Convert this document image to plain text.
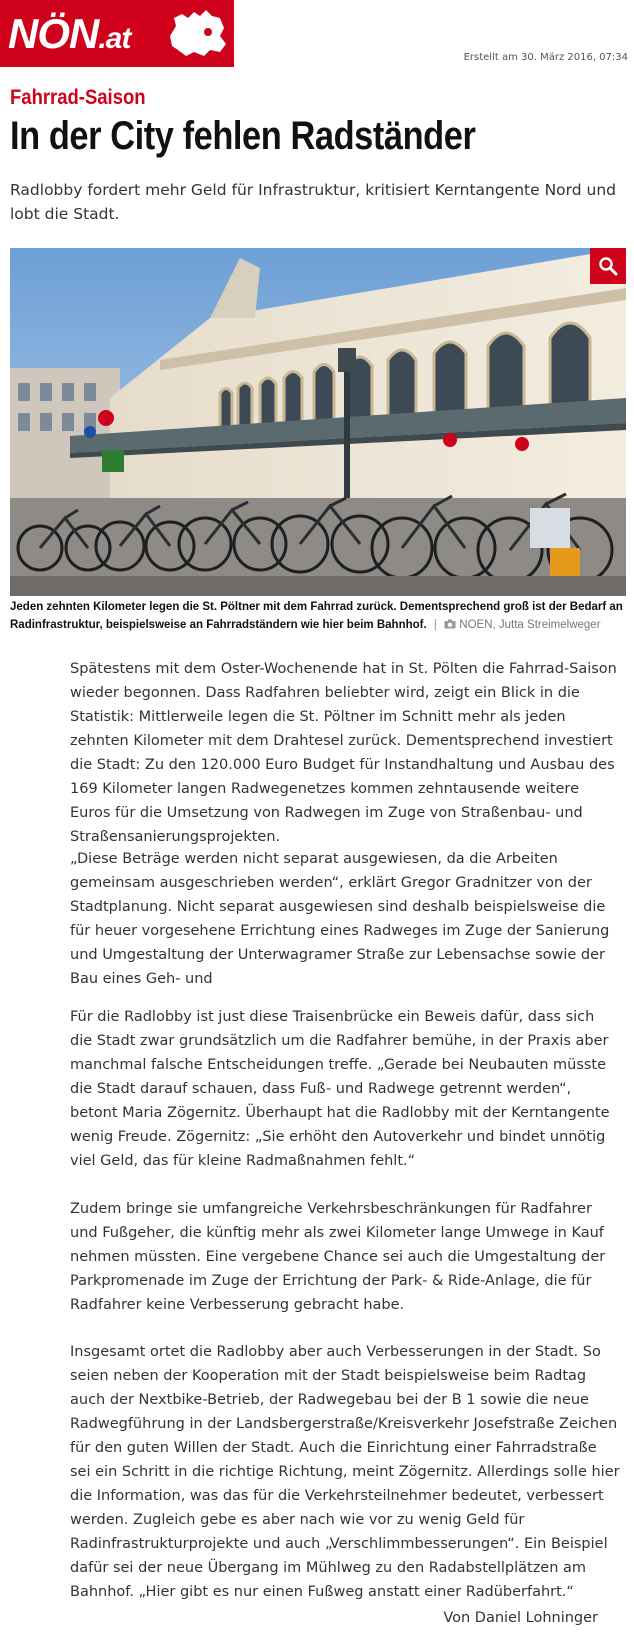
NÖN.at
Erstellt am 30. März 2016, 07:34
Fahrrad-Saison
In der City fehlen Radständer

Radlobby fordert mehr Geld für Infrastruktur, kritisiert Kerntangente Nord und lobt die Stadt.

Jeden zehnten Kilometer legen die St. Pöltner mit dem Fahrrad zurück. Dementsprechend groß ist der Bedarf an Radinfrastruktur, beispielsweise an Fahrradständern wie hier beim Bahnhof. | NOEN, Jutta Streimelweger

Spätestens mit dem Oster-Wochenende hat in St. Pölten die Fahrrad-Saison wieder begonnen. Dass Radfahren beliebter wird, zeigt ein Blick in die Statistik: Mittlerweile legen die St. Pöltner im Schnitt mehr als jeden zehnten Kilometer mit dem Drahtesel zurück. Dementsprechend investiert die Stadt: Zu den 120.000 Euro Budget für Instandhaltung und Ausbau des 169 Kilometer langen Radwegenetzes kommen zehntausende weitere Euros für die Umsetzung von Radwegen im Zuge von Straßenbau- und Straßensanierungsprojekten.

„Diese Beträge werden nicht separat ausgewiesen, da die Arbeiten gemeinsam ausgeschrieben werden“, erklärt Gregor Gradnitzer von der Stadtplanung. Nicht separat ausgewiesen sind deshalb beispielsweise die für heuer vorgesehene Errichtung eines Radweges im Zuge der Sanierung und Umgestaltung der Unterwagramer Straße zur Lebensachse sowie der Bau eines Geh- und

Für die Radlobby ist just diese Traisenbrücke ein Beweis dafür, dass sich die Stadt zwar grundsätzlich um die Radfahrer bemühe, in der Praxis aber manchmal falsche Entscheidungen treffe. „Gerade bei Neubauten müsste die Stadt darauf schauen, dass Fuß- und Radwege getrennt werden“, betont Maria Zögernitz. Überhaupt hat die Radlobby mit der Kerntangente wenig Freude. Zögernitz: „Sie erhöht den Autoverkehr und bindet unnötig viel Geld, das für kleine Radmaßnahmen fehlt.“

Zudem bringe sie umfangreiche Verkehrsbeschränkungen für Radfahrer und Fußgeher, die künftig mehr als zwei Kilometer lange Umwege in Kauf nehmen müssten. Eine vergebene Chance sei auch die Umgestaltung der Parkpromenade im Zuge der Errichtung der Park- & Ride-Anlage, die für Radfahrer keine Verbesserung gebracht habe.

Insgesamt ortet die Radlobby aber auch Verbesserungen in der Stadt. So seien neben der Kooperation mit der Stadt beispielsweise beim Radtag auch der Nextbike-Betrieb, der Radwegebau bei der B 1 sowie die neue Radwegführung in der Landsbergerstraße/Kreisverkehr Josefstraße Zeichen für den guten Willen der Stadt. Auch die Einrichtung einer Fahrradstraße sei ein Schritt in die richtige Richtung, meint Zögernitz. Allerdings solle hier die Information, was das für die Verkehrsteilnehmer bedeutet, verbessert werden. Zugleich gebe es aber nach wie vor zu wenig Geld für Radinfrastrukturprojekte und auch „Verschlimmbesserungen“. Ein Beispiel dafür sei der neue Übergang im Mühlweg zu den Radabstellplätzen am Bahnhof. „Hier gibt es nur einen Fußweg anstatt einer Radüberfahrt.“

Von Daniel Lohninger
